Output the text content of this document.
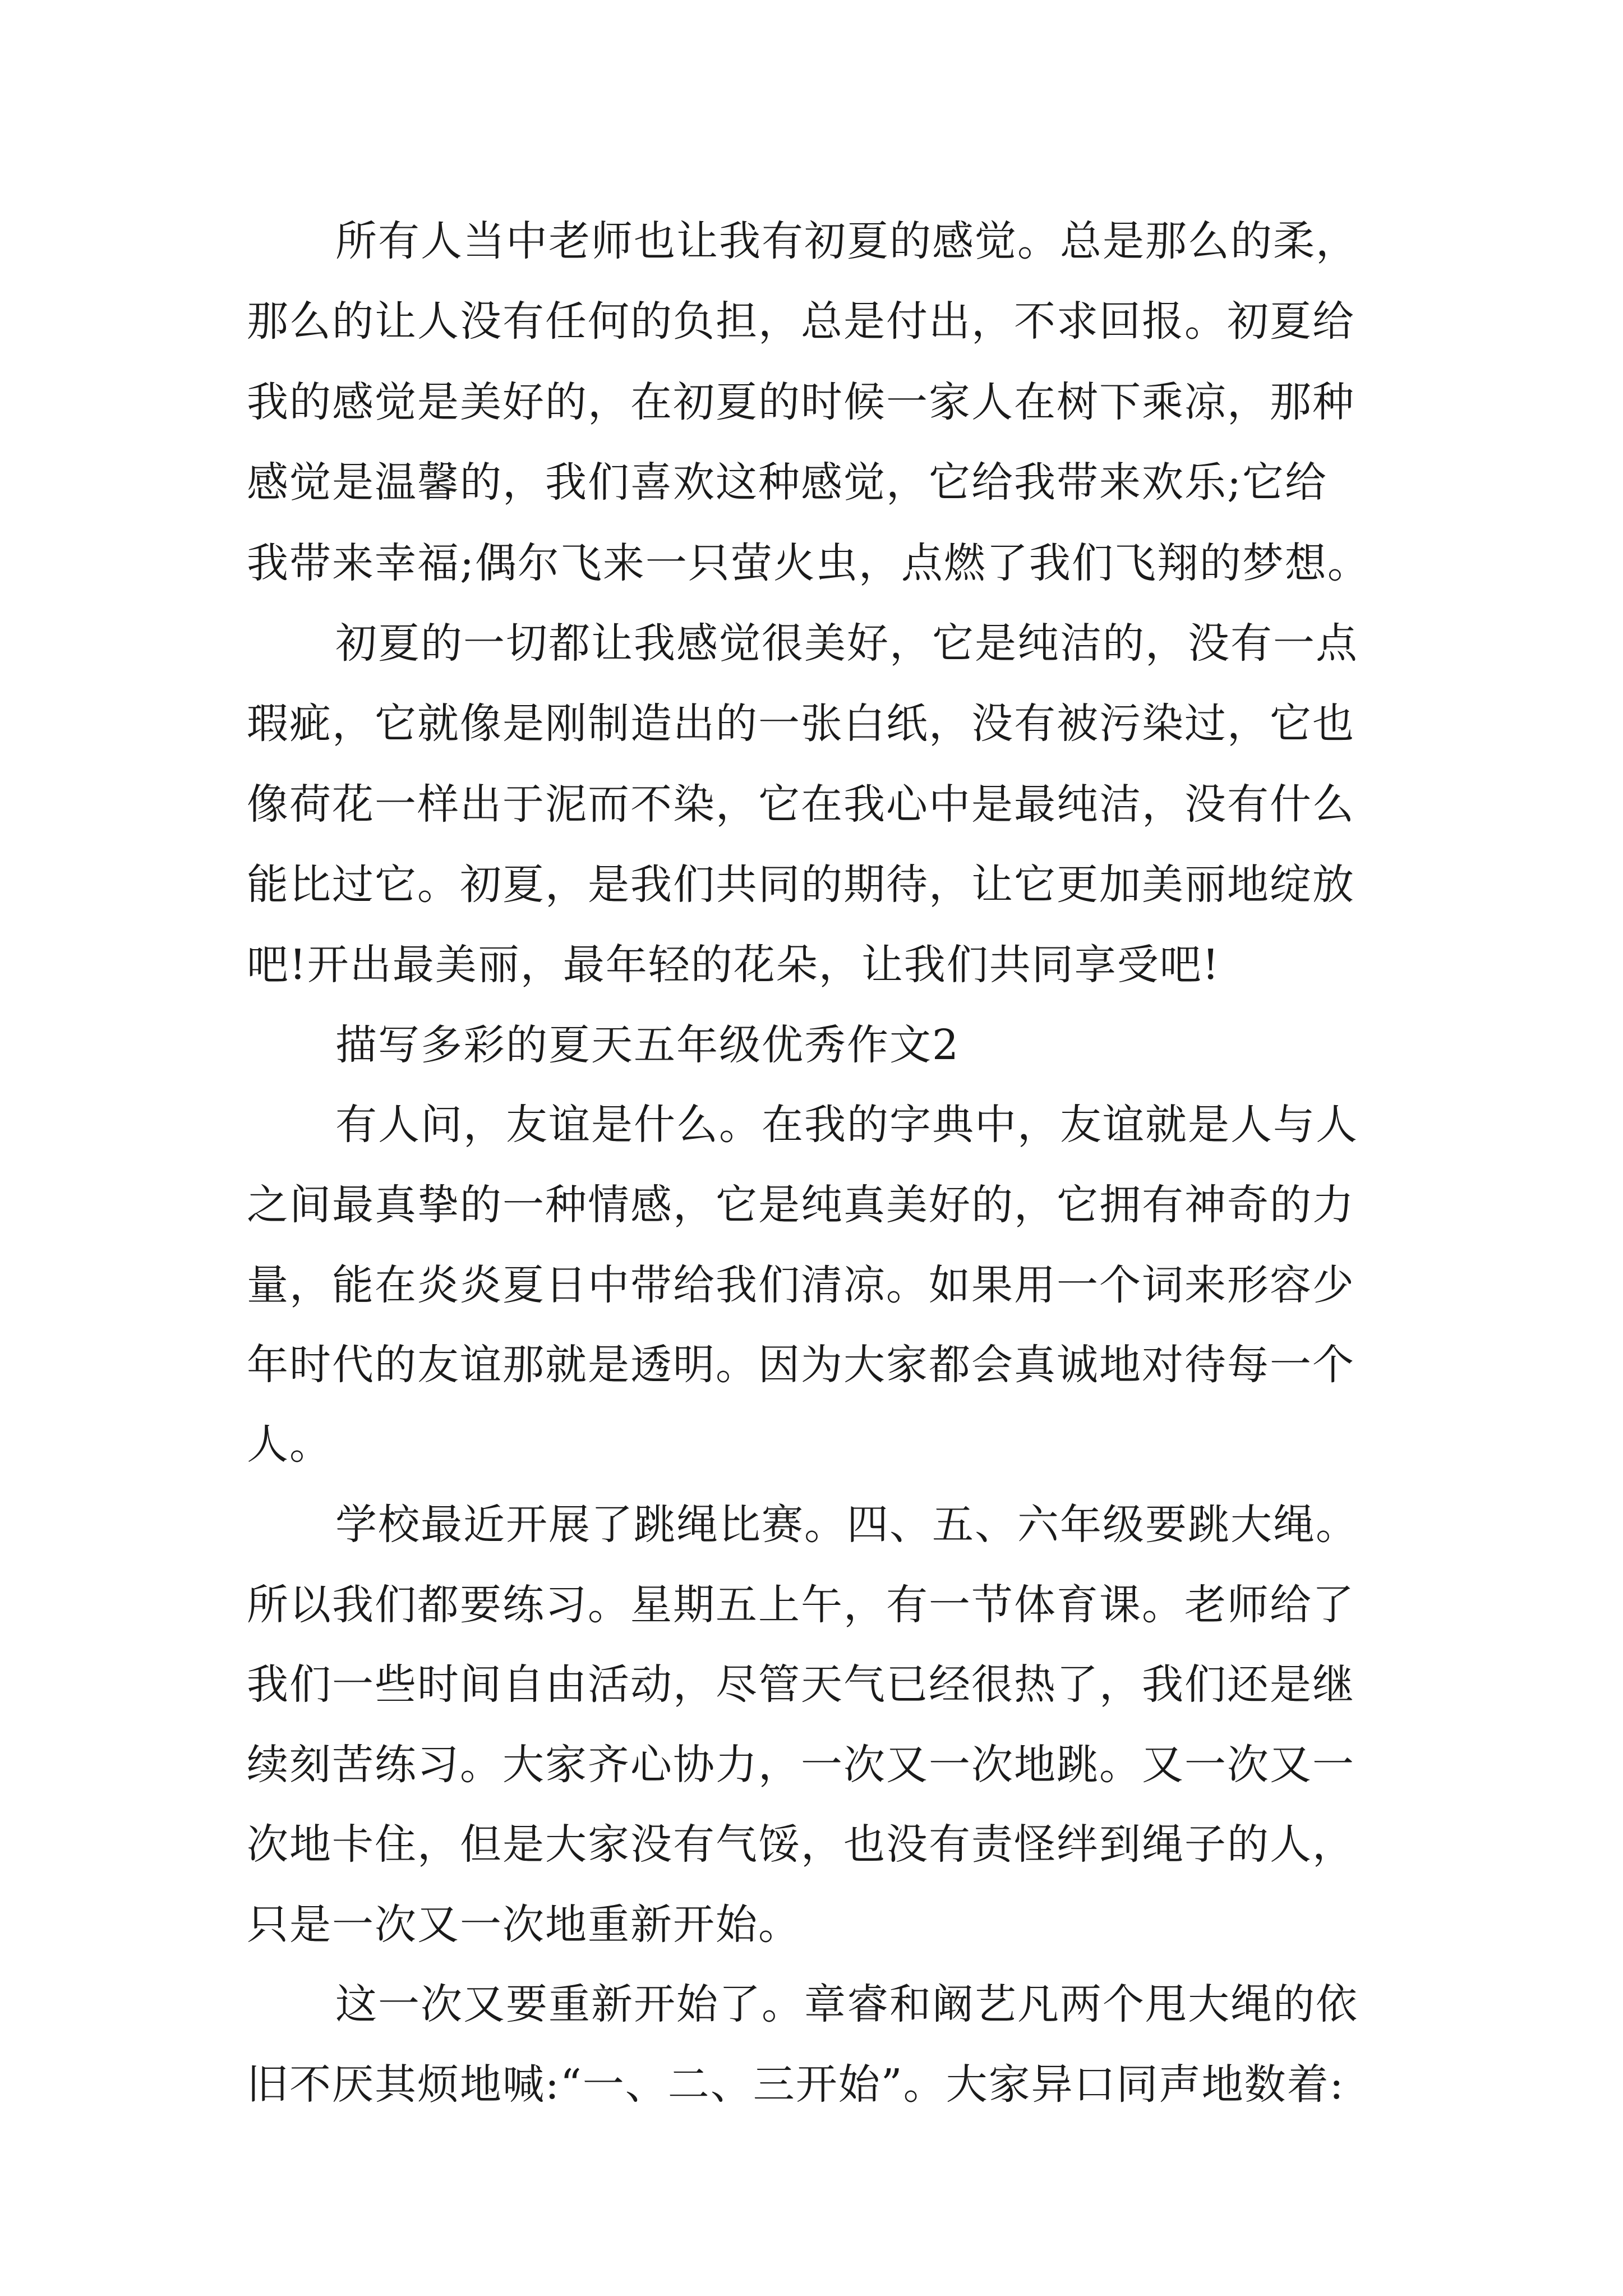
所有人当中老师也让我有初夏的感觉。总是那么的柔，
那么的让人没有任何的负担，总是付出，不求回报。初夏给
我的感觉是美好的，在初夏的时候一家人在树下乘凉，那种
感觉是温馨的，我们喜欢这种感觉，它给我带来欢乐;它给
我带来幸福;偶尔飞来一只萤火虫，点燃了我们飞翔的梦想。
初夏的一切都让我感觉很美好，它是纯洁的，没有一点
瑕疵，它就像是刚制造出的一张白纸，没有被污染过，它也
像荷花一样出于泥而不染，它在我心中是最纯洁，没有什么
能比过它。初夏，是我们共同的期待，让它更加美丽地绽放
吧!开出最美丽，最年轻的花朵，让我们共同享受吧!
描写多彩的夏天五年级优秀作文2
有人问，友谊是什么。在我的字典中，友谊就是人与人
之间最真挚的一种情感，它是纯真美好的，它拥有神奇的力
量，能在炎炎夏日中带给我们清凉。如果用一个词来形容少
年时代的友谊那就是透明。因为大家都会真诚地对待每一个
人。
学校最近开展了跳绳比赛。四、五、六年级要跳大绳。
所以我们都要练习。星期五上午，有一节体育课。老师给了
我们一些时间自由活动，尽管天气已经很热了，我们还是继
续刻苦练习。大家齐心协力，一次又一次地跳。又一次又一
次地卡住，但是大家没有气馁，也没有责怪绊到绳子的人，
只是一次又一次地重新开始。
这一次又要重新开始了。章睿和阚艺凡两个甩大绳的依
旧不厌其烦地喊:“一、二、三开始”。大家异口同声地数着:
